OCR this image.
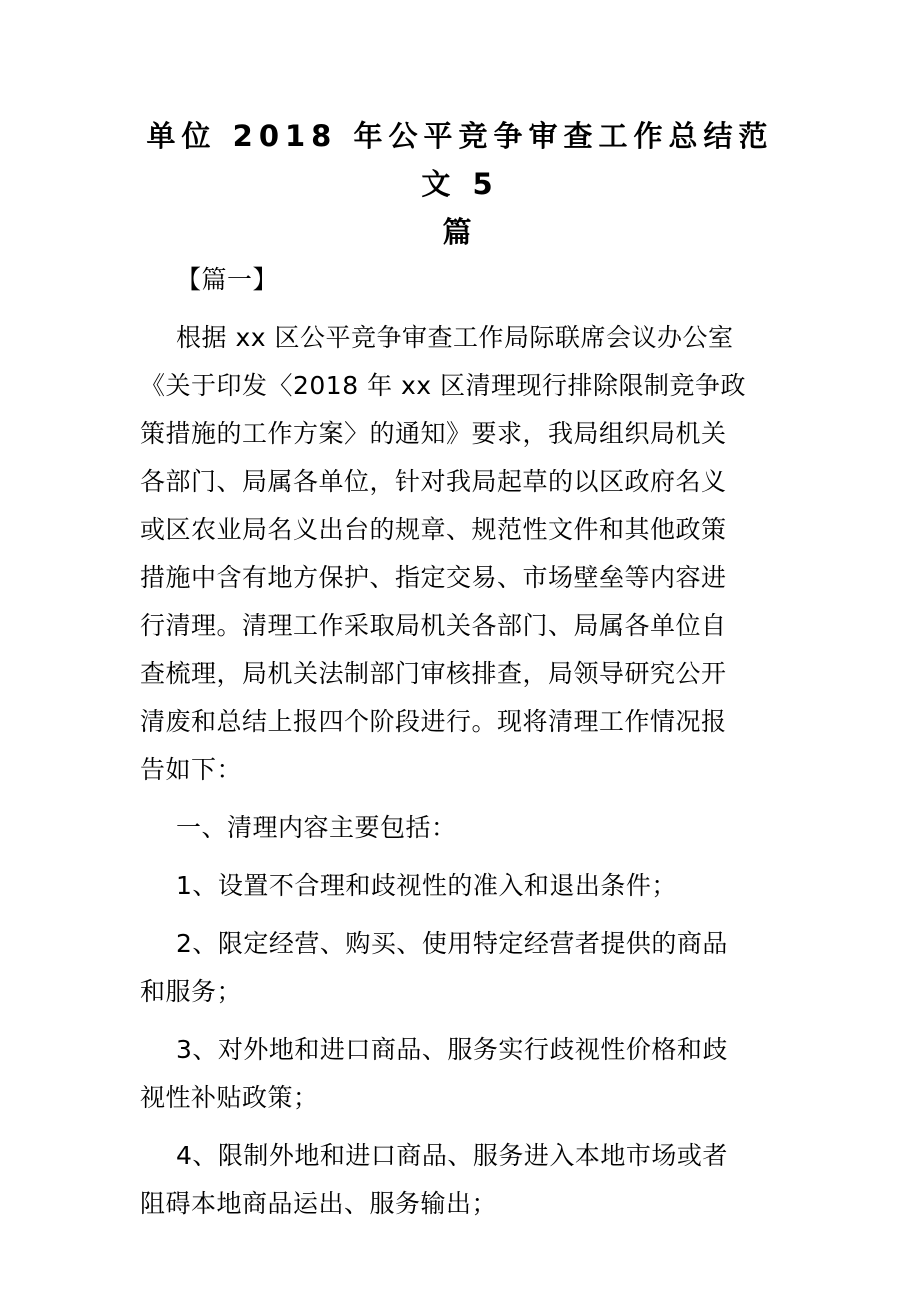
单位 2018 年公平竞争审查工作总结范文 5
篇

【篇一】

根据 xx 区公平竞争审查工作局际联席会议办公室
《关于印发〈2018 年 xx 区清理现行排除限制竞争政
策措施的工作方案〉的通知》要求，我局组织局机关
各部门、局属各单位，针对我局起草的以区政府名义
或区农业局名义出台的规章、规范性文件和其他政策
措施中含有地方保护、指定交易、市场壁垒等内容进
行清理。清理工作采取局机关各部门、局属各单位自
查梳理，局机关法制部门审核排查，局领导研究公开
清废和总结上报四个阶段进行。现将清理工作情况报
告如下：

一、清理内容主要包括：

1、设置不合理和歧视性的准入和退出条件；

2、限定经营、购买、使用特定经营者提供的商品
和服务；

3、对外地和进口商品、服务实行歧视性价格和歧
视性补贴政策；

4、限制外地和进口商品、服务进入本地市场或者
阻碍本地商品运出、服务输出；
